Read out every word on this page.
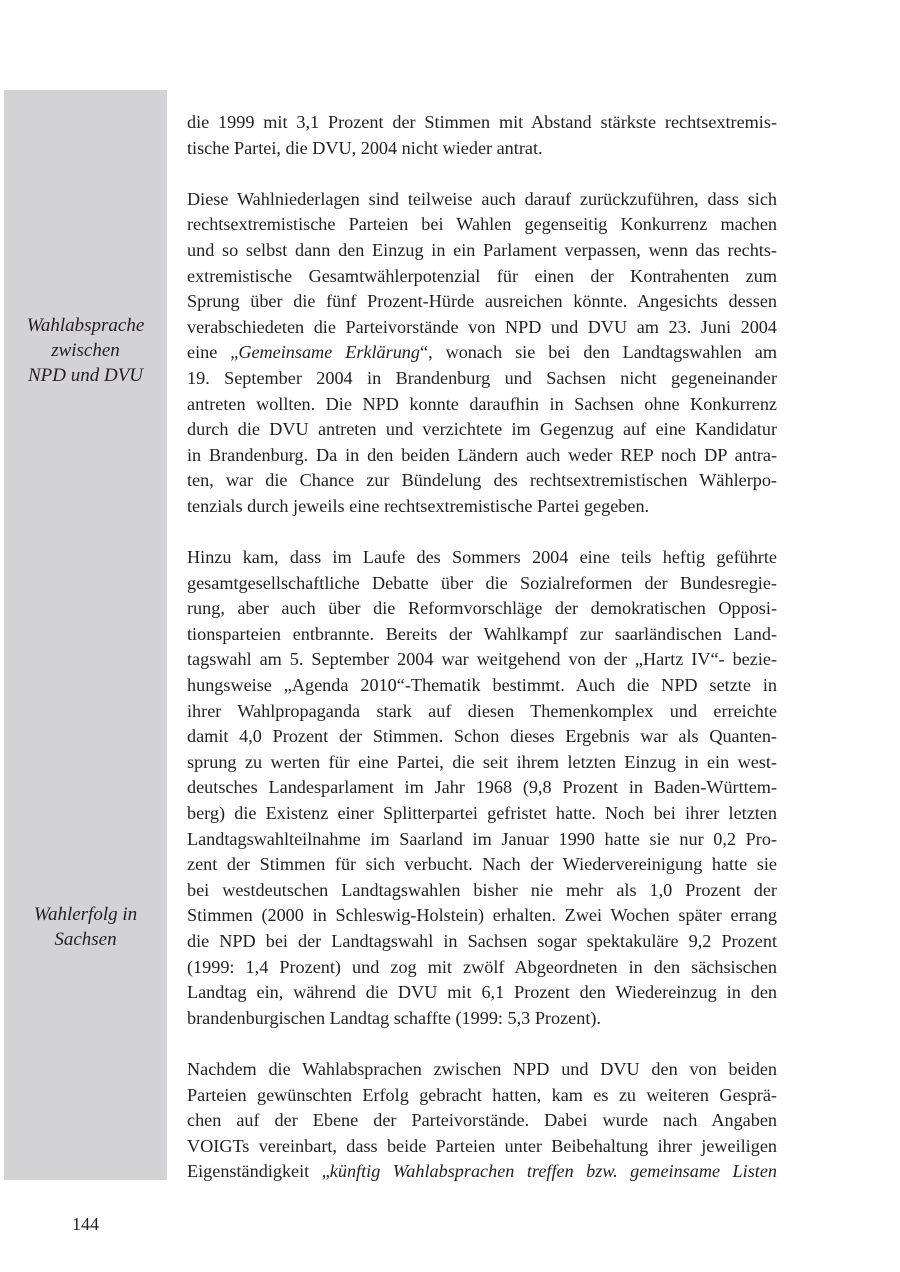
Wahlabsprache
zwischen
NPD und DVU
Wahlerfolg in
Sachsen

die 1999 mit 3,1 Prozent der Stimmen mit Abstand stärkste rechtsextremis-
tische Partei, die DVU, 2004 nicht wieder antrat.

Diese Wahlniederlagen sind teilweise auch darauf zurückzuführen, dass sich
rechtsextremistische Parteien bei Wahlen gegenseitig Konkurrenz machen
und so selbst dann den Einzug in ein Parlament verpassen, wenn das rechts-
extremistische Gesamtwählerpotenzial für einen der Kontrahenten zum
Sprung über die fünf Prozent-Hürde ausreichen könnte. Angesichts dessen
verabschiedeten die Parteivorstände von NPD und DVU am 23. Juni 2004
eine „Gemeinsame Erklärung“, wonach sie bei den Landtagswahlen am
19. September 2004 in Brandenburg und Sachsen nicht gegeneinander
antreten wollten. Die NPD konnte daraufhin in Sachsen ohne Konkurrenz
durch die DVU antreten und verzichtete im Gegenzug auf eine Kandidatur
in Brandenburg. Da in den beiden Ländern auch weder REP noch DP antra-
ten, war die Chance zur Bündelung des rechtsextremistischen Wählerpo-
tenzials durch jeweils eine rechtsextremistische Partei gegeben.

Hinzu kam, dass im Laufe des Sommers 2004 eine teils heftig geführte
gesamtgesellschaftliche Debatte über die Sozialreformen der Bundesregie-
rung, aber auch über die Reformvorschläge der demokratischen Opposi-
tionsparteien entbrannte. Bereits der Wahlkampf zur saarländischen Land-
tagswahl am 5. September 2004 war weitgehend von der „Hartz IV“- bezie-
hungsweise „Agenda 2010“-Thematik bestimmt. Auch die NPD setzte in
ihrer Wahlpropaganda stark auf diesen Themenkomplex und erreichte
damit 4,0 Prozent der Stimmen. Schon dieses Ergebnis war als Quanten-
sprung zu werten für eine Partei, die seit ihrem letzten Einzug in ein west-
deutsches Landesparlament im Jahr 1968 (9,8 Prozent in Baden-Württem-
berg) die Existenz einer Splitterpartei gefristet hatte. Noch bei ihrer letzten
Landtagswahlteilnahme im Saarland im Januar 1990 hatte sie nur 0,2 Pro-
zent der Stimmen für sich verbucht. Nach der Wiedervereinigung hatte sie
bei westdeutschen Landtagswahlen bisher nie mehr als 1,0 Prozent der
Stimmen (2000 in Schleswig-Holstein) erhalten. Zwei Wochen später errang
die NPD bei der Landtagswahl in Sachsen sogar spektakuläre 9,2 Prozent
(1999: 1,4 Prozent) und zog mit zwölf Abgeordneten in den sächsischen
Landtag ein, während die DVU mit 6,1 Prozent den Wiedereinzug in den
brandenburgischen Landtag schaffte (1999: 5,3 Prozent).

Nachdem die Wahlabsprachen zwischen NPD und DVU den von beiden
Parteien gewünschten Erfolg gebracht hatten, kam es zu weiteren Gesprä-
chen auf der Ebene der Parteivorstände. Dabei wurde nach Angaben
VOIGTs vereinbart, dass beide Parteien unter Beibehaltung ihrer jeweiligen
Eigenständigkeit „künftig Wahlabsprachen treffen bzw. gemeinsame Listen

144
